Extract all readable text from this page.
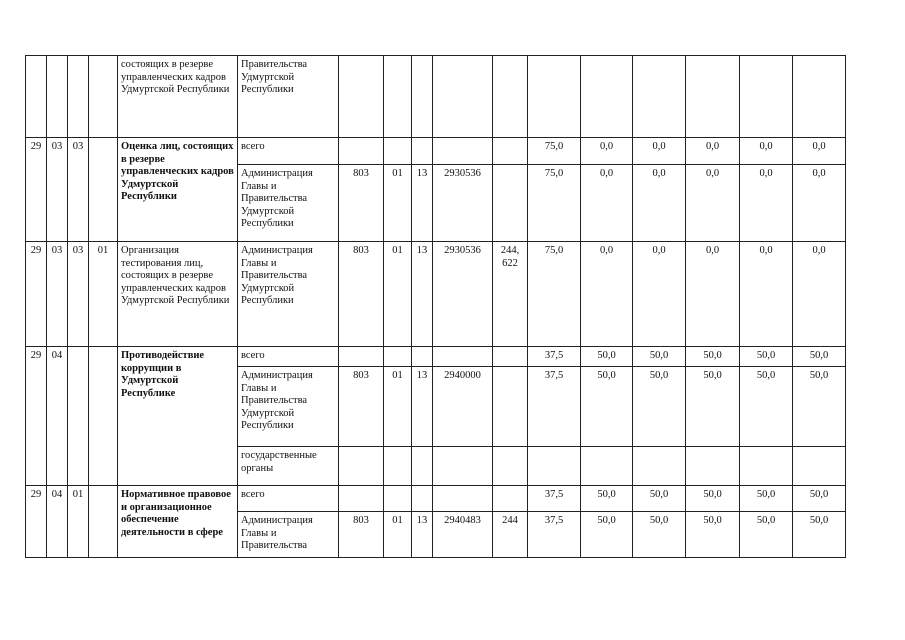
				состоящих в резерве управленческих кадров Удмуртской Республики	Правительства Удмуртской Республики											
29	03	03		Оценка лиц, состоящих в резерве управленческих кадров Удмуртской Республики	всего						75,0	0,0	0,0	0,0	0,0	0,0
					Администрация Главы и Правительства Удмуртской Республики	803	01	13	2930536		75,0	0,0	0,0	0,0	0,0	0,0
29	03	03	01	Организация тестирования лиц, состоящих в резерве управленческих кадров Удмуртской Республики	Администрация Главы и Правительства Удмуртской Республики	803	01	13	2930536	244, 622	75,0	0,0	0,0	0,0	0,0	0,0
29	04			Противодействие коррупции в Удмуртской Республике	всего						37,5	50,0	50,0	50,0	50,0	50,0
					Администрация Главы и Правительства Удмуртской Республики	803	01	13	2940000		37,5	50,0	50,0	50,0	50,0	50,0
					государственные органы											
29	04	01		Нормативное правовое и организационное обеспечение деятельности в сфере	всего						37,5	50,0	50,0	50,0	50,0	50,0
					Администрация Главы и Правительства	803	01	13	2940483	244	37,5	50,0	50,0	50,0	50,0	50,0
